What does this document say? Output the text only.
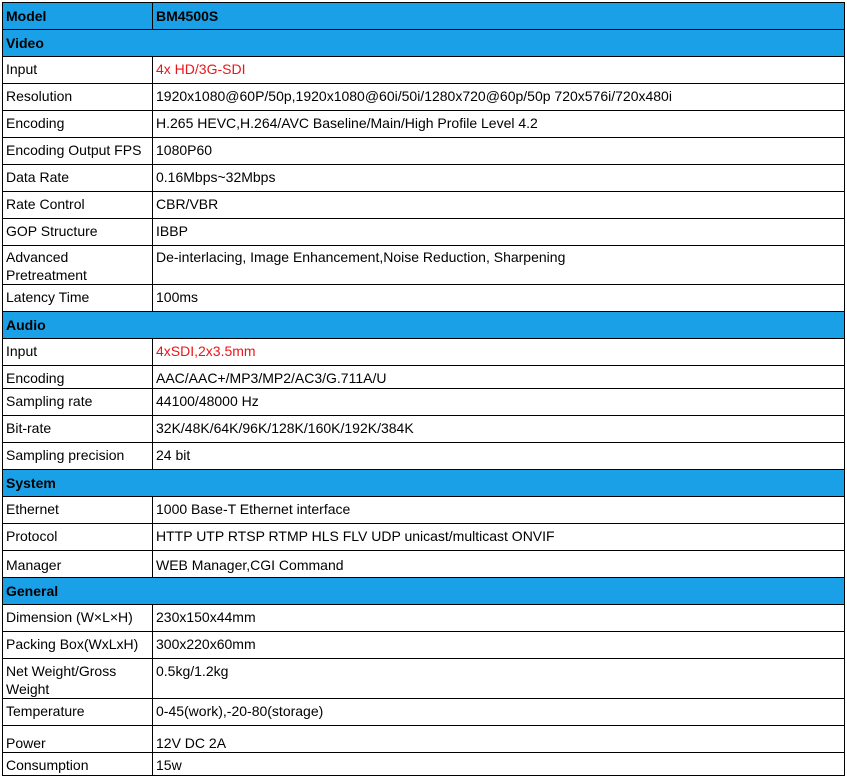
Model	BM4500S
Video	
Input	4x HD/3G-SDI
Resolution	1920x1080@60P/50p,1920x1080@60i/50i/1280x720@60p/50p 720x576i/720x480i
Encoding	H.265 HEVC,H.264/AVC Baseline/Main/High Profile Level 4.2
Encoding Output FPS	1080P60
Data Rate	0.16Mbps~32Mbps
Rate Control	CBR/VBR
GOP Structure	IBBP
Advanced Pretreatment	De-interlacing, Image Enhancement,Noise Reduction, Sharpening
Latency Time	100ms
Audio	
Input	4xSDI,2x3.5mm
Encoding	AAC/AAC+/MP3/MP2/AC3/G.711A/U
Sampling rate	44100/48000 Hz
Bit-rate	32K/48K/64K/96K/128K/160K/192K/384K
Sampling precision	24 bit
System	
Ethernet	1000 Base-T Ethernet interface
Protocol	HTTP UTP RTSP RTMP HLS FLV UDP unicast/multicast ONVIF
Manager	WEB Manager,CGI Command
General	
Dimension (W×L×H)	230x150x44mm
Packing Box(WxLxH)	300x220x60mm
Net Weight/Gross Weight	0.5kg/1.2kg
Temperature	0-45(work),-20-80(storage)
Power	12V DC 2A
Consumption	15w
